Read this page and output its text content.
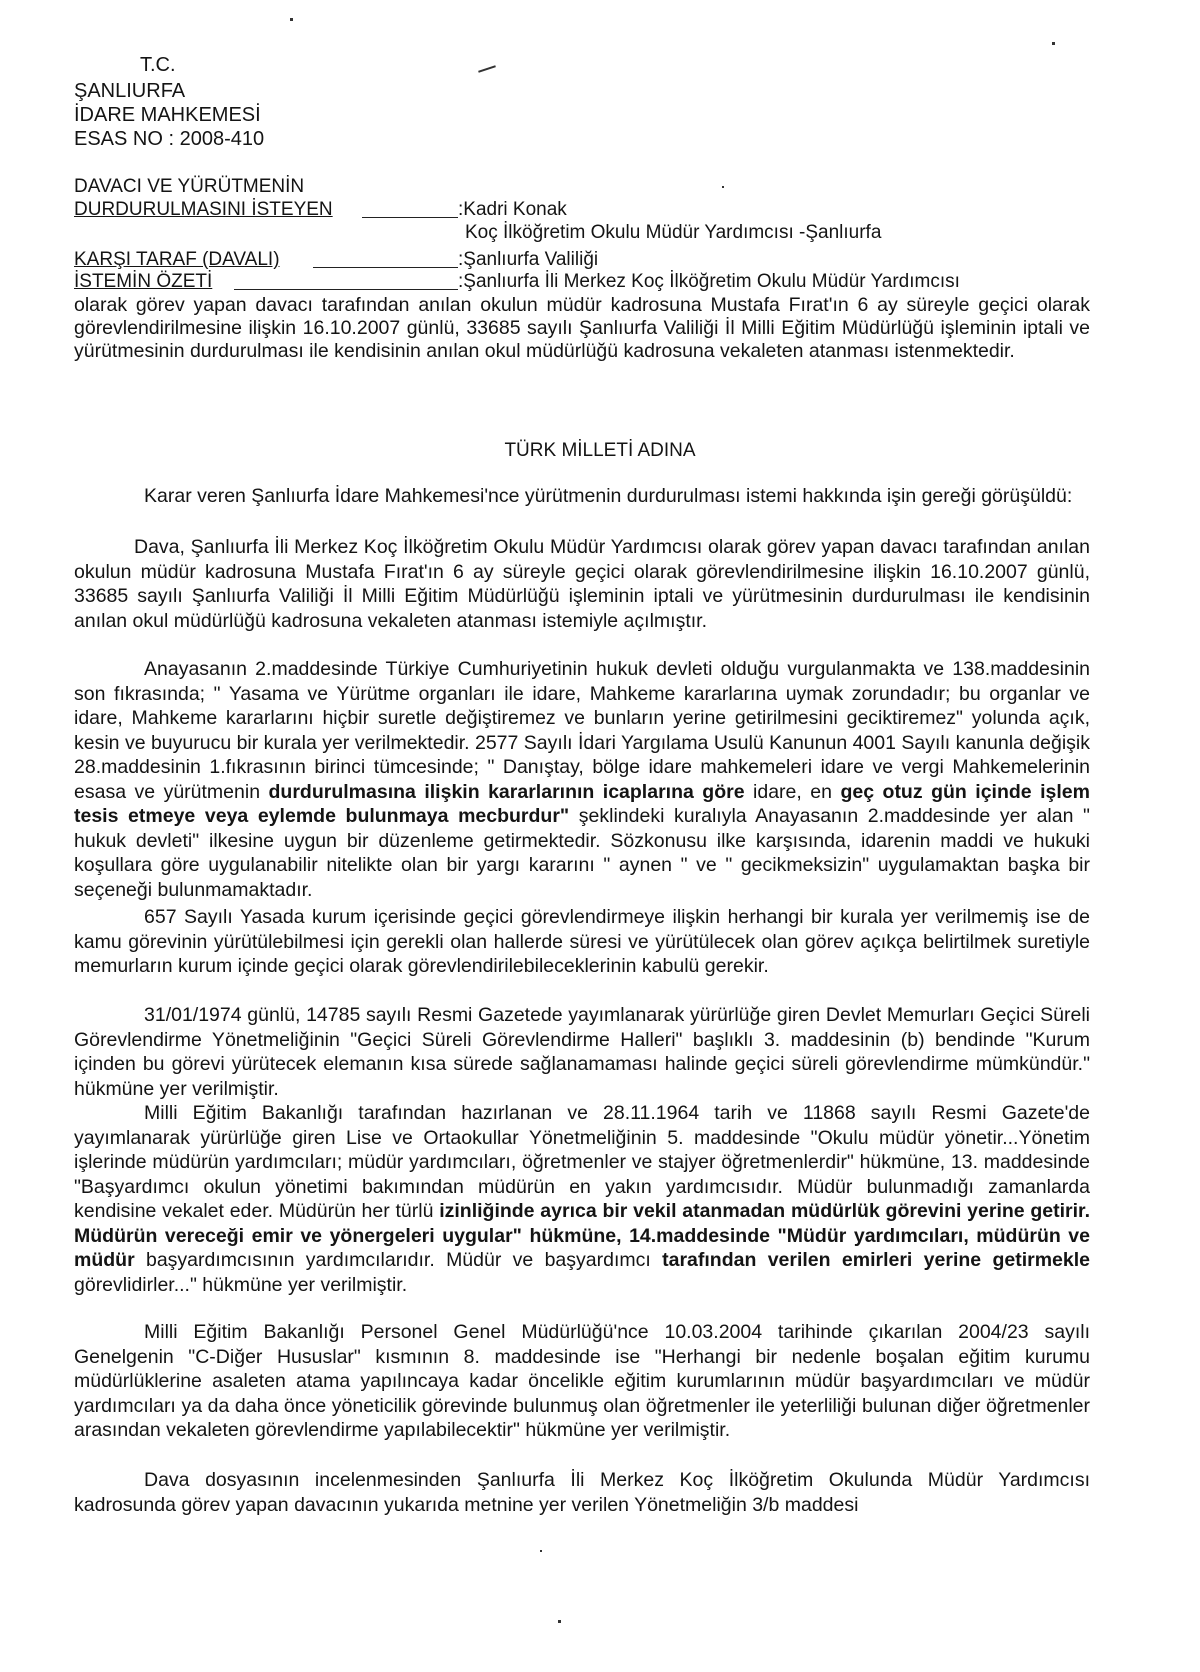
T.C.
ŞANLIURFA
İDARE MAHKEMESİ
ESAS NO : 2008-410
DAVACI VE YÜRÜTMENİN
DURDURULMASINI İSTEYEN	:Kadri Konak
Koç İlköğretim Okulu Müdür Yardımcısı -Şanlıurfa
KARŞI TARAF (DAVALI)	:Şanlıurfa Valiliği
İSTEMİN ÖZETİ	:Şanlıurfa İli Merkez Koç İlköğretim Okulu Müdür Yardımcısı
olarak görev yapan davacı tarafından anılan okulun müdür kadrosuna Mustafa Fırat'ın 6 ay süreyle geçici olarak görevlendirilmesine ilişkin 16.10.2007 günlü, 33685 sayılı Şanlıurfa Valiliği İl Milli Eğitim Müdürlüğü işleminin iptali ve yürütmesinin durdurulması ile kendisinin anılan okul müdürlüğü kadrosuna vekaleten atanması istenmektedir.
TÜRK MİLLETİ ADINA
Karar veren Şanlıurfa İdare Mahkemesi'nce yürütmenin durdurulması istemi hakkında işin gereği görüşüldü:
Dava, Şanlıurfa İli Merkez Koç İlköğretim Okulu Müdür Yardımcısı olarak görev yapan davacı tarafından anılan okulun müdür kadrosuna Mustafa Fırat'ın 6 ay süreyle geçici olarak görevlendirilmesine ilişkin 16.10.2007 günlü, 33685 sayılı Şanlıurfa Valiliği İl Milli Eğitim Müdürlüğü işleminin iptali ve yürütmesinin durdurulması ile kendisinin anılan okul müdürlüğü kadrosuna vekaleten atanması istemiyle açılmıştır.
Anayasanın 2.maddesinde Türkiye Cumhuriyetinin hukuk devleti olduğu vurgulanmakta ve 138.maddesinin son fıkrasında; " Yasama ve Yürütme organları ile idare, Mahkeme kararlarına uymak zorundadır; bu organlar ve idare, Mahkeme kararlarını hiçbir suretle değiştiremez ve bunların yerine getirilmesini geciktiremez" yolunda açık, kesin ve buyurucu bir kurala yer verilmektedir. 2577 Sayılı İdari Yargılama Usulü Kanunun 4001 Sayılı kanunla değişik 28.maddesinin 1.fıkrasının birinci tümcesinde; " Danıştay, bölge idare mahkemeleri idare ve vergi Mahkemelerinin esasa ve yürütmenin durdurulmasına ilişkin kararlarının icaplarına göre idare, en geç otuz gün içinde işlem tesis etmeye veya eylemde bulunmaya mecburdur" şeklindeki kuralıyla Anayasanın 2.maddesinde yer alan " hukuk devleti" ilkesine uygun bir düzenleme getirmektedir. Sözkonusu ilke karşısında, idarenin maddi ve hukuki koşullara göre uygulanabilir nitelikte olan bir yargı kararını " aynen " ve " gecikmeksizin" uygulamaktan başka bir seçeneği bulunmamaktadır.
657 Sayılı Yasada kurum içerisinde geçici görevlendirmeye ilişkin herhangi bir kurala yer verilmemiş ise de kamu görevinin yürütülebilmesi için gerekli olan hallerde süresi ve yürütülecek olan görev açıkça belirtilmek suretiyle memurların kurum içinde geçici olarak görevlendirilebileceklerinin kabulü gerekir.
31/01/1974 günlü, 14785 sayılı Resmi Gazetede yayımlanarak yürürlüğe giren Devlet Memurları Geçici Süreli Görevlendirme Yönetmeliğinin "Geçici Süreli Görevlendirme Halleri" başlıklı 3. maddesinin (b) bendinde "Kurum içinden bu görevi yürütecek elemanın kısa sürede sağlanamaması halinde geçici süreli görevlendirme mümkündür." hükmüne yer verilmiştir.
Milli Eğitim Bakanlığı tarafından hazırlanan ve 28.11.1964 tarih ve 11868 sayılı Resmi Gazete'de yayımlanarak yürürlüğe giren Lise ve Ortaokullar Yönetmeliğinin 5. maddesinde "Okulu müdür yönetir...Yönetim işlerinde müdürün yardımcıları; müdür yardımcıları, öğretmenler ve stajyer öğretmenlerdir" hükmüne, 13. maddesinde "Başyardımcı okulun yönetimi bakımından müdürün en yakın yardımcısıdır. Müdür bulunmadığı zamanlarda kendisine vekalet eder. Müdürün her türlü izinliğinde ayrıca bir vekil atanmadan müdürlük görevini yerine getirir. Müdürün vereceği emir ve yönergeleri uygular" hükmüne, 14.maddesinde "Müdür yardımcıları, müdürün ve müdür başyardımcısının yardımcılarıdır. Müdür ve başyardımcı tarafından verilen emirleri yerine getirmekle görevlidirler..." hükmüne yer verilmiştir.
Milli Eğitim Bakanlığı Personel Genel Müdürlüğü'nce 10.03.2004 tarihinde çıkarılan 2004/23 sayılı Genelgenin "C-Diğer Hususlar" kısmının 8. maddesinde ise "Herhangi bir nedenle boşalan eğitim kurumu müdürlüklerine asaleten atama yapılıncaya kadar öncelikle eğitim kurumlarının müdür başyardımcıları ve müdür yardımcıları ya da daha önce yöneticilik görevinde bulunmuş olan öğretmenler ile yeterliliği bulunan diğer öğretmenler arasından vekaleten görevlendirme yapılabilecektir" hükmüne yer verilmiştir.
Dava dosyasının incelenmesinden Şanlıurfa İli Merkez Koç İlköğretim Okulunda Müdür Yardımcısı kadrosunda görev yapan davacının yukarıda metnine yer verilen Yönetmeliğin 3/b maddesi
